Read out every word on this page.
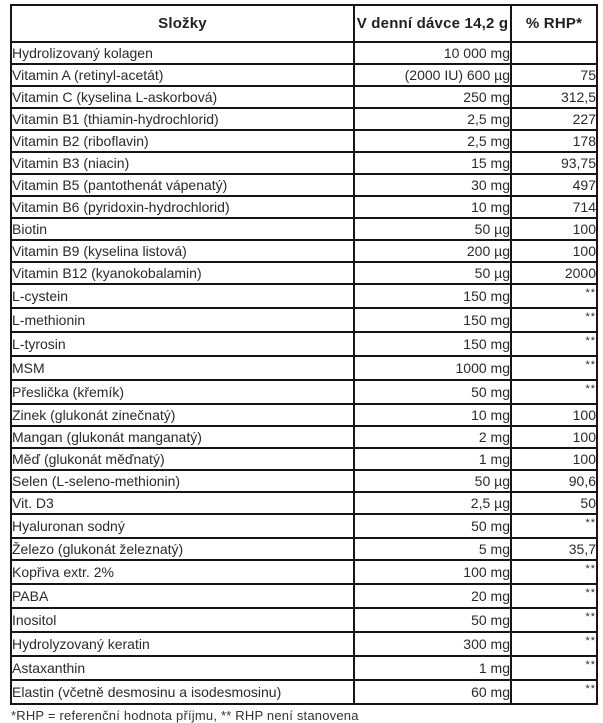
Složky	V denní dávce 14,2 g	% RHP*
Hydrolizovaný kolagen	10 000 mg	
Vitamin A (retinyl-acetát)	(2000 IU) 600 µg	75
Vitamin C (kyselina L-askorbová)	250 mg	312,5
Vitamin B1 (thiamin-hydrochlorid)	2,5 mg	227
Vitamin B2 (riboflavin)	2,5 mg	178
Vitamin B3 (niacin)	15 mg	93,75
Vitamin B5 (pantothenát vápenatý)	30 mg	497
Vitamin B6 (pyridoxin-hydrochlorid)	10 mg	714
Biotin	50 µg	100
Vitamin B9 (kyselina listová)	200 µg	100
Vitamin B12 (kyanokobalamin)	50 µg	2000
L-cystein	150 mg	**
L-methionin	150 mg	**
L-tyrosin	150 mg	**
MSM	1000 mg	**
Přeslička (křemík)	50 mg	**
Zinek (glukonát zinečnatý)	10 mg	100
Mangan (glukonát manganatý)	2 mg	100
Měď (glukonát měďnatý)	1 mg	100
Selen (L-seleno-methionin)	50 µg	90,6
Vit. D3	2,5 µg	50
Hyaluronan sodný	50 mg	**
Železo (glukonát železnatý)	5 mg	35,7
Kopřiva extr. 2%	100 mg	**
PABA	20 mg	**
Inositol	50 mg	**
Hydrolyzovaný keratin	300 mg	**
Astaxanthin	1 mg	**
Elastin (včetně desmosinu a isodesmosinu)	60 mg	**
*RHP = referenční hodnota příjmu, ** RHP není stanovena
